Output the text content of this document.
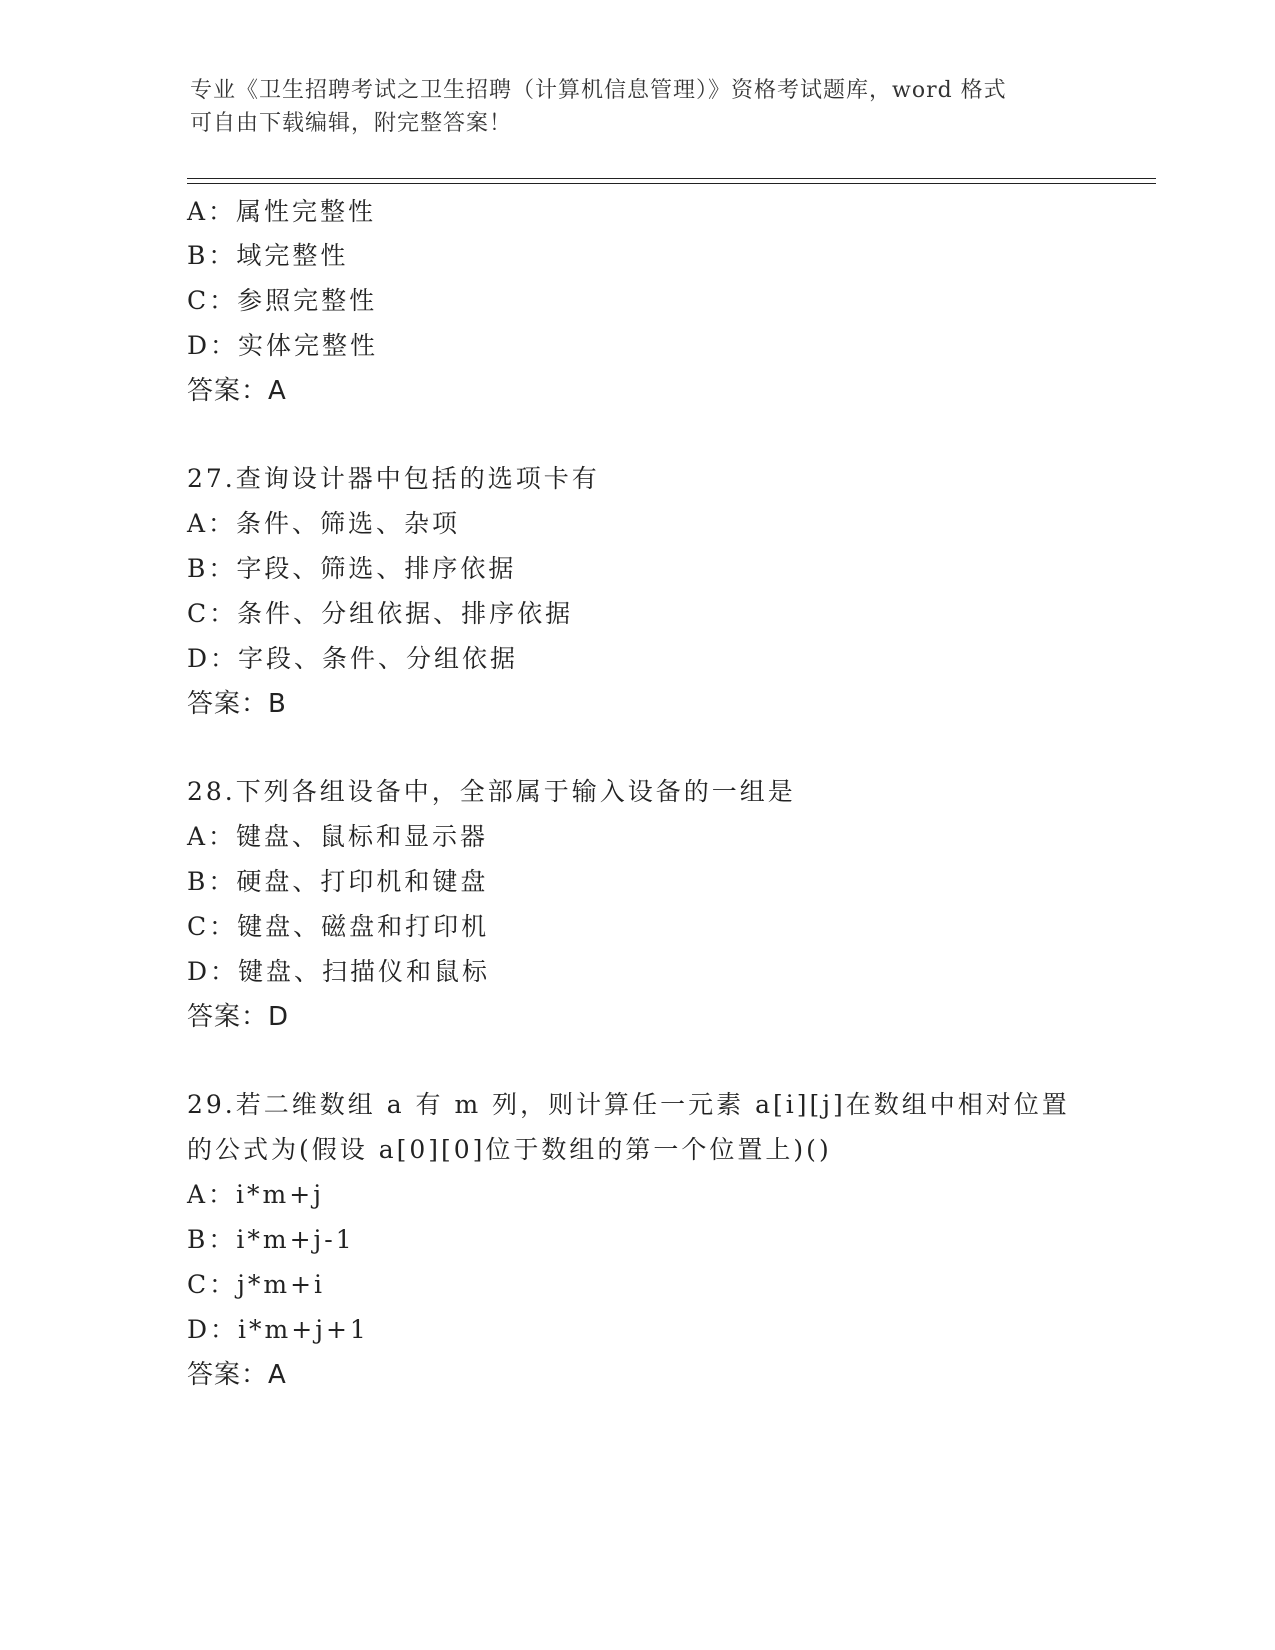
专业《卫生招聘考试之卫生招聘（计算机信息管理）》资格考试题库，word 格式
可自由下载编辑，附完整答案！
A：属性完整性
B：域完整性
C：参照完整性
D：实体完整性
答案：A
27.查询设计器中包括的选项卡有
A：条件、筛选、杂项
B：字段、筛选、排序依据
C：条件、分组依据、排序依据
D：字段、条件、分组依据
答案：B
28.下列各组设备中，全部属于输入设备的一组是
A：键盘、鼠标和显示器
B：硬盘、打印机和键盘
C：键盘、磁盘和打印机
D：键盘、扫描仪和鼠标
答案：D
29.若二维数组 a 有 m 列，则计算任一元素 a[i][j]在数组中相对位置
的公式为(假设 a[0][0]位于数组的第一个位置上)()
A：i*m+j
B：i*m+j-1
C：j*m+i
D：i*m+j+1
答案：A
